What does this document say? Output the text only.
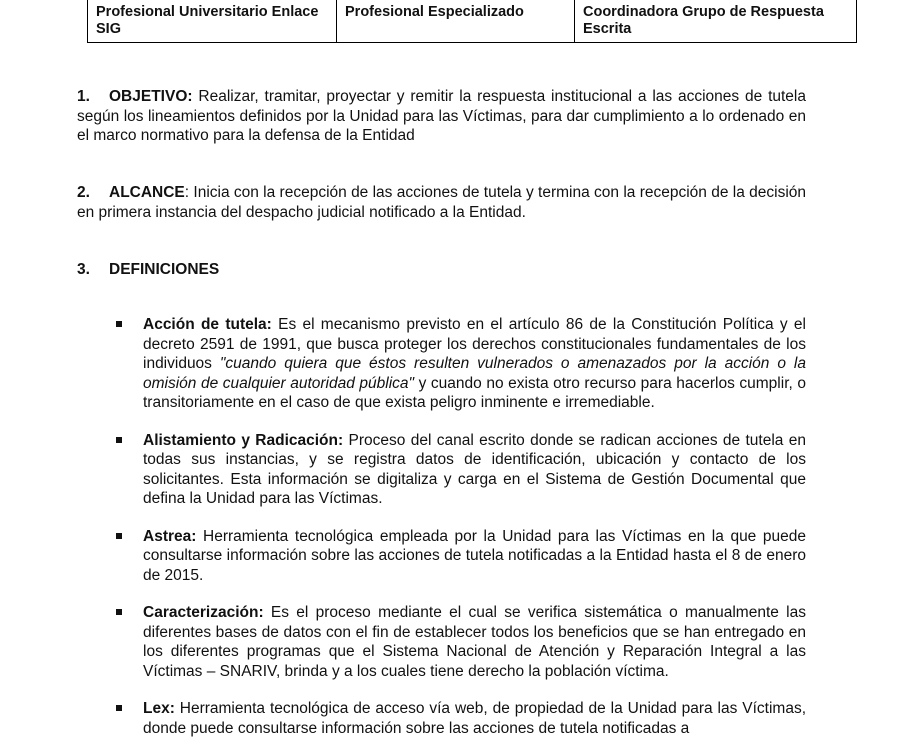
Profesional Universitario Enlace SIG
Profesional Especializado	Coordinadora Grupo de Respuesta Escrita
1. OBJETIVO: Realizar, tramitar, proyectar y remitir la respuesta institucional a las acciones de tutela según los lineamientos definidos por la Unidad para las Víctimas, para dar cumplimiento a lo ordenado en el marco normativo para la defensa de la Entidad
2. ALCANCE: Inicia con la recepción de las acciones de tutela y termina con la recepción de la decisión en primera instancia del despacho judicial notificado a la Entidad.
3. DEFINICIONES
Acción de tutela: Es el mecanismo previsto en el artículo 86 de la Constitución Política y el decreto 2591 de 1991, que busca proteger los derechos constitucionales fundamentales de los individuos "cuando quiera que éstos resulten vulnerados o amenazados por la acción o la omisión de cualquier autoridad pública" y cuando no exista otro recurso para hacerlos cumplir, o transitoriamente en el caso de que exista peligro inminente e irremediable.
Alistamiento y Radicación: Proceso del canal escrito donde se radican acciones de tutela en todas sus instancias, y se registra datos de identificación, ubicación y contacto de los solicitantes. Esta información se digitaliza y carga en el Sistema de Gestión Documental que defina la Unidad para las Víctimas.
Astrea: Herramienta tecnológica empleada por la Unidad para las Víctimas en la que puede consultarse información sobre las acciones de tutela notificadas a la Entidad hasta el 8 de enero de 2015.
Caracterización: Es el proceso mediante el cual se verifica sistemática o manualmente las diferentes bases de datos con el fin de establecer todos los beneficios que se han entregado en los diferentes programas que el Sistema Nacional de Atención y Reparación Integral a las Víctimas – SNARIV, brinda y a los cuales tiene derecho la población víctima.
Lex: Herramienta tecnológica de acceso vía web, de propiedad de la Unidad para las Víctimas, donde puede consultarse información sobre las acciones de tutela notificadas a
